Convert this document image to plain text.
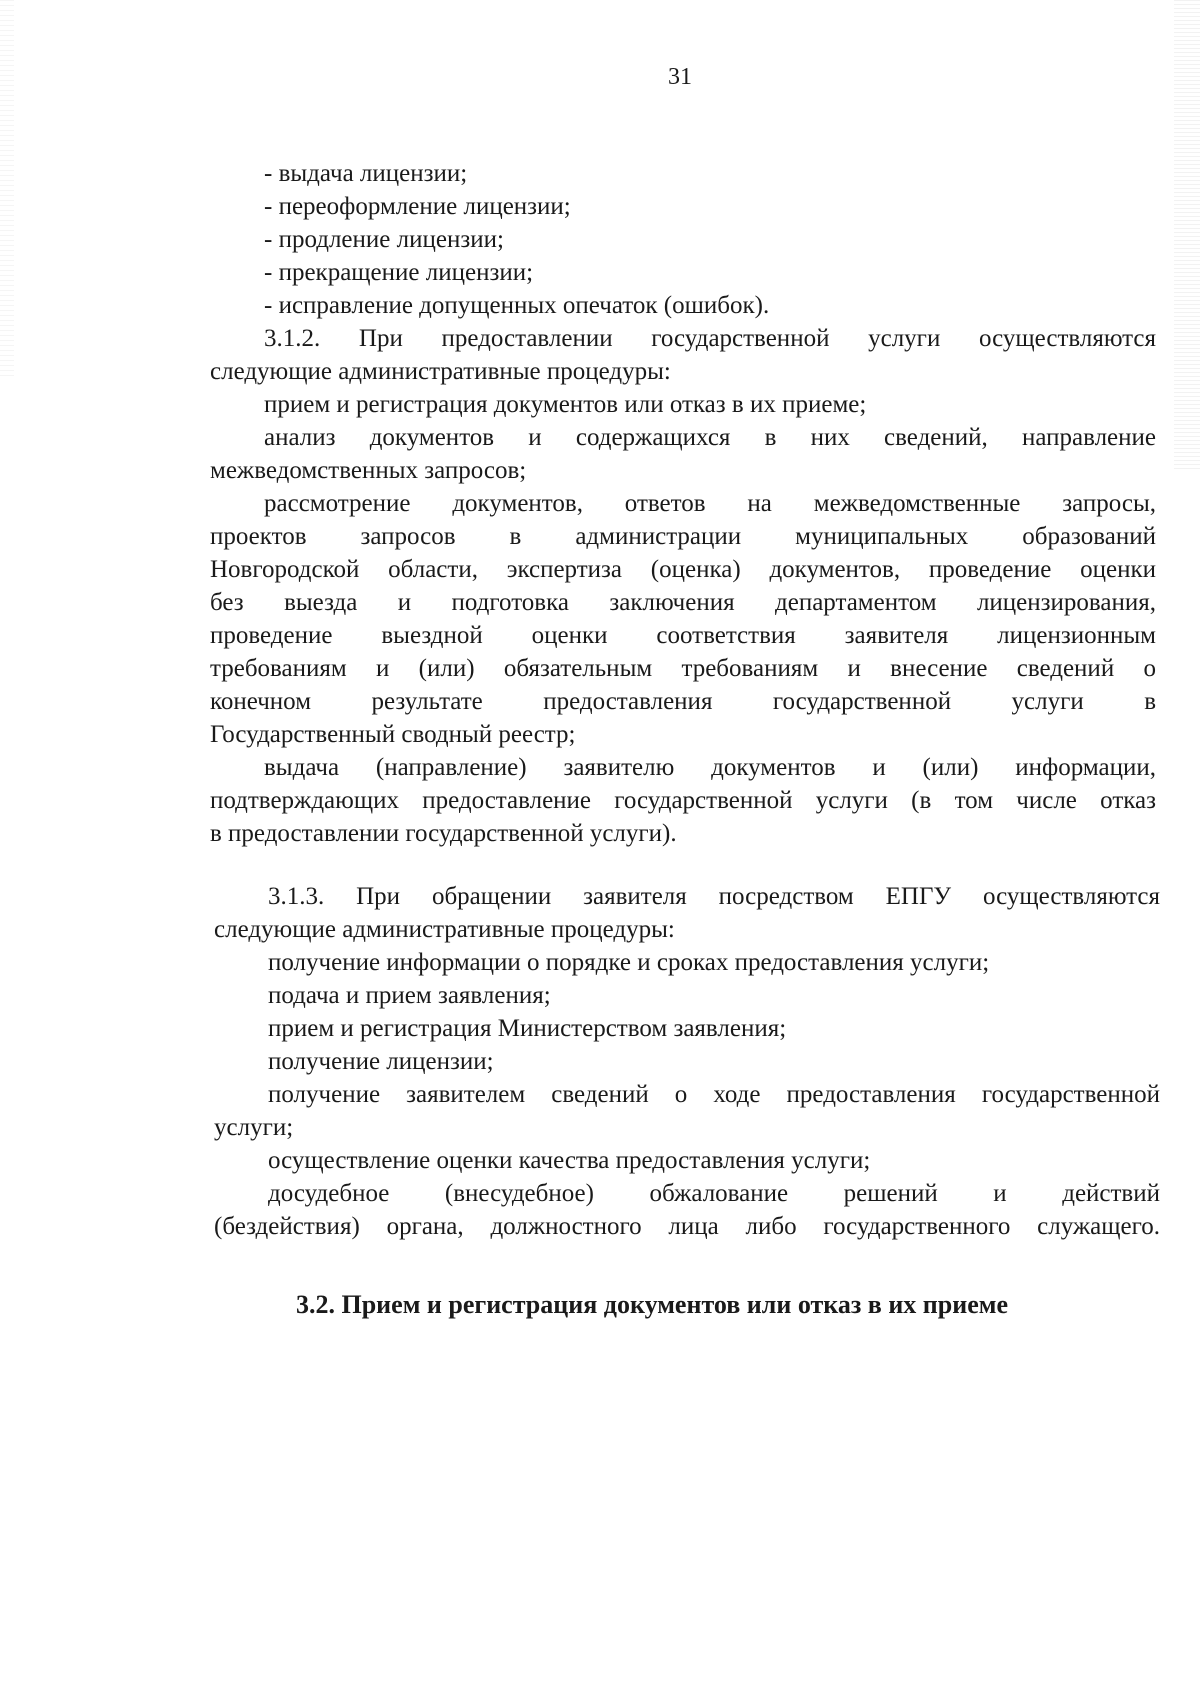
31
- выдача лицензии;
- переоформление лицензии;
- продление лицензии;
- прекращение лицензии;
- исправление допущенных опечаток (ошибок).
3.1.2. При предоставлении государственной услуги осуществляются
следующие административные процедуры:
прием и регистрация документов или отказ в их приеме;
анализ документов и содержащихся в них сведений, направление
межведомственных запросов;
рассмотрение документов, ответов на межведомственные запросы,
проектов запросов в администрации муниципальных образований
Новгородской области, экспертиза (оценка) документов, проведение оценки
без выезда и подготовка заключения департаментом лицензирования,
проведение выездной оценки соответствия заявителя лицензионным
требованиям и (или) обязательным требованиям и внесение сведений о
конечном результате предоставления государственной услуги в
Государственный сводный реестр;
выдача (направление) заявителю документов и (или) информации,
подтверждающих предоставление государственной услуги (в том числе отказ
в предоставлении государственной услуги).
3.1.3. При обращении заявителя посредством ЕПГУ осуществляются
следующие административные процедуры:
получение информации о порядке и сроках предоставления услуги;
подача и прием заявления;
прием и регистрация Министерством заявления;
получение лицензии;
получение заявителем сведений о ходе предоставления государственной
услуги;
осуществление оценки качества предоставления услуги;
досудебное (внесудебное) обжалование решений и действий
(бездействия) органа, должностного лица либо государственного служащего.
3.2. Прием и регистрация документов или отказ в их приеме
